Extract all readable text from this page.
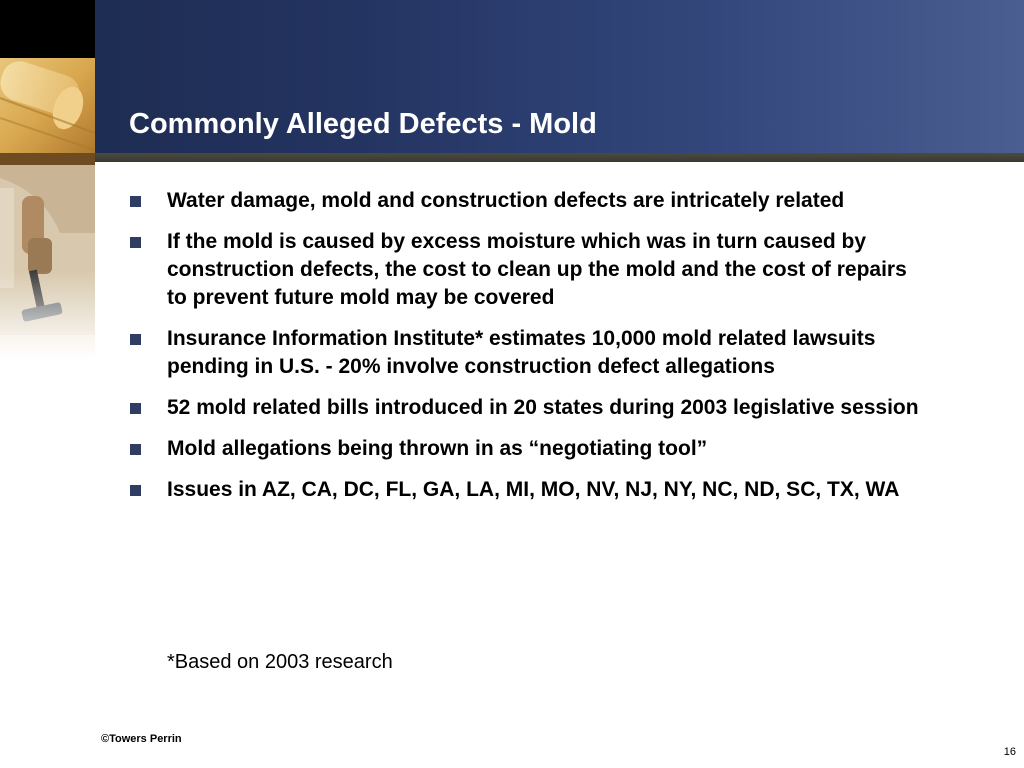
Commonly Alleged Defects - Mold
Water damage, mold and construction defects are intricately related
If the mold is caused by excess moisture which was in turn caused by construction defects, the cost to clean up the mold and the cost of repairs to prevent future mold may be covered
Insurance Information Institute* estimates 10,000 mold related lawsuits pending in U.S. - 20% involve construction defect allegations
52 mold related bills introduced in 20 states during 2003 legislative session
Mold allegations being thrown in as “negotiating tool”
Issues in AZ, CA, DC, FL, GA, LA, MI, MO, NV, NJ, NY, NC, ND, SC, TX, WA
*Based on 2003 research
©Towers Perrin
16
